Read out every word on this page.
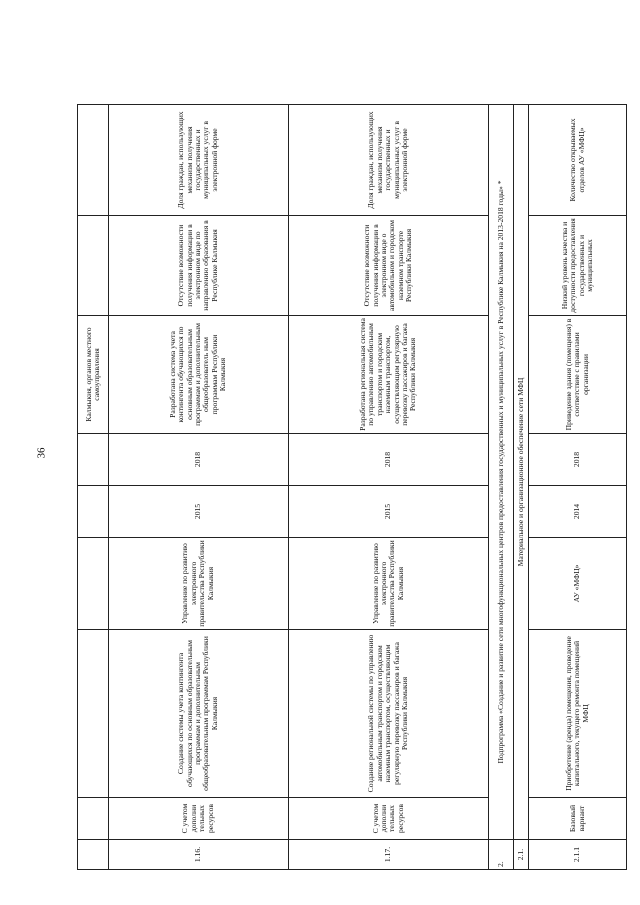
36
						Калмыкия, органов местного самоуправления		
1.16.	С учетом дополни тельных ресурсов	Создание системы учета контингента обучающихся по основным образовательным программам и дополнительным общеобразовательным программам Республики Калмыкия	Управление по развитию электронного правительства Республики Калмыкия	2015	2018	Разработана система учета контингента обучающихся по основным образовательным программам и дополнительным общеобразователь ным программам Республики Калмыкия	Отсутствие возможности получения информации в электронном виде по направлению образования в Республике Калмыкия	Доля граждан, использующих механизм получения государственных и муниципальных услуг в электронной форме
1.17.	С учетом дополни тельных ресурсов	Создание региональной системы по управлению автомобильным транспортом и городским наземным транспортом, осуществляющим регулярную перевозку пассажиров и багажа Республики Калмыкия	Управление по развитию электронного правительства Республики Калмыкия	2015	2018	Разработана региональная система по управлению автомобильным транспортом и городским наземным транспортом, осуществляющим регулярную перевозку пассажиров и багажа Республики Калмыкия	Отсутствие возможности получения информации в электронном виде о автомобильном и городском наземном транспорте Республики Калмыкия	Доля граждан, использующих механизм получения государственных и муниципальных услуг в электронной форме
2.	Подпрограмма «Создание и развитие сети многофункциональных центров предоставления государственных и муниципальных услуг в Республике Калмыкия на 2013-2018 годы» *							
2.1.	Материальное и организационное обеспечение сети МФЦ							
2.1.1	Базовый вариант	Приобретение (аренда) помещения, проведение капитального, текущего ремонта помещений МФЦ	АУ «МФЦ»	2014	2018	Приведение здания (помещения) в соответствие с правилами организации	Низкий уровень качества и доступности предоставления государственных и муниципальных	Количество открываемых отделов АУ «МФЦ»
